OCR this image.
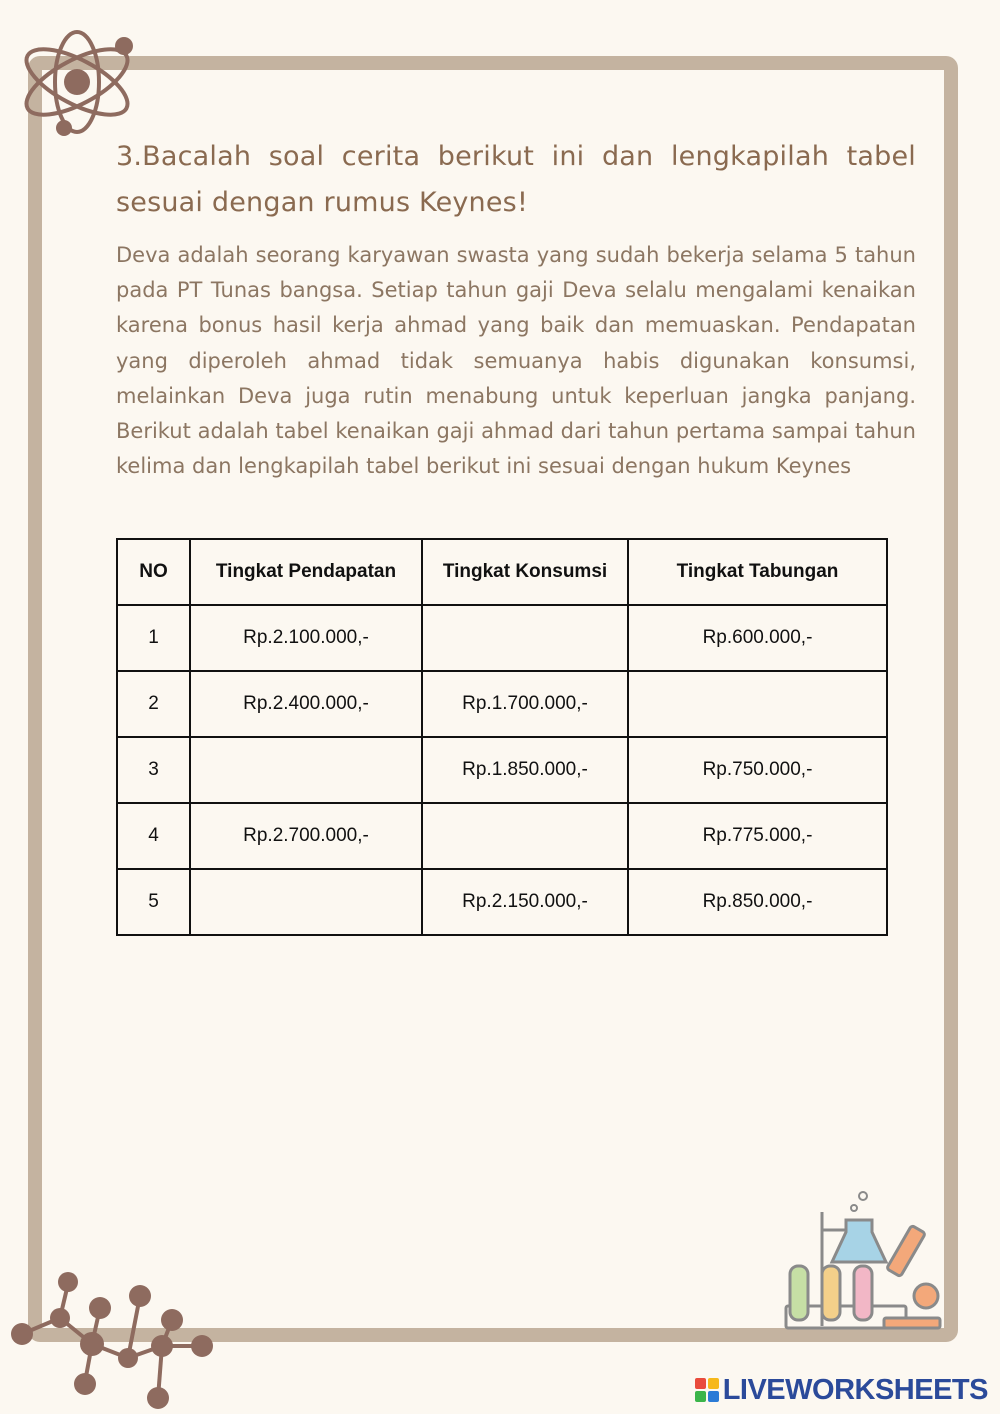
3.Bacalah soal cerita berikut ini dan lengkapilah tabel sesuai dengan rumus Keynes!
Deva adalah seorang karyawan swasta yang sudah bekerja selama 5 tahun pada PT Tunas bangsa. Setiap tahun gaji Deva selalu mengalami kenaikan karena bonus hasil kerja ahmad yang baik dan memuaskan. Pendapatan yang diperoleh ahmad tidak semuanya habis digunakan konsumsi, melainkan Deva juga rutin menabung untuk keperluan jangka panjang. Berikut adalah tabel kenaikan gaji ahmad dari tahun pertama sampai tahun kelima dan lengkapilah tabel berikut ini sesuai dengan hukum Keynes
NO	Tingkat Pendapatan	Tingkat Konsumsi	Tingkat Tabungan
1	Rp.2.100.000,-		Rp.600.000,-
2	Rp.2.400.000,-	Rp.1.700.000,-	
3		Rp.1.850.000,-	Rp.750.000,-
4	Rp.2.700.000,-		Rp.775.000,-
5		Rp.2.150.000,-	Rp.850.000,-
LIVEWORKSHEETS
